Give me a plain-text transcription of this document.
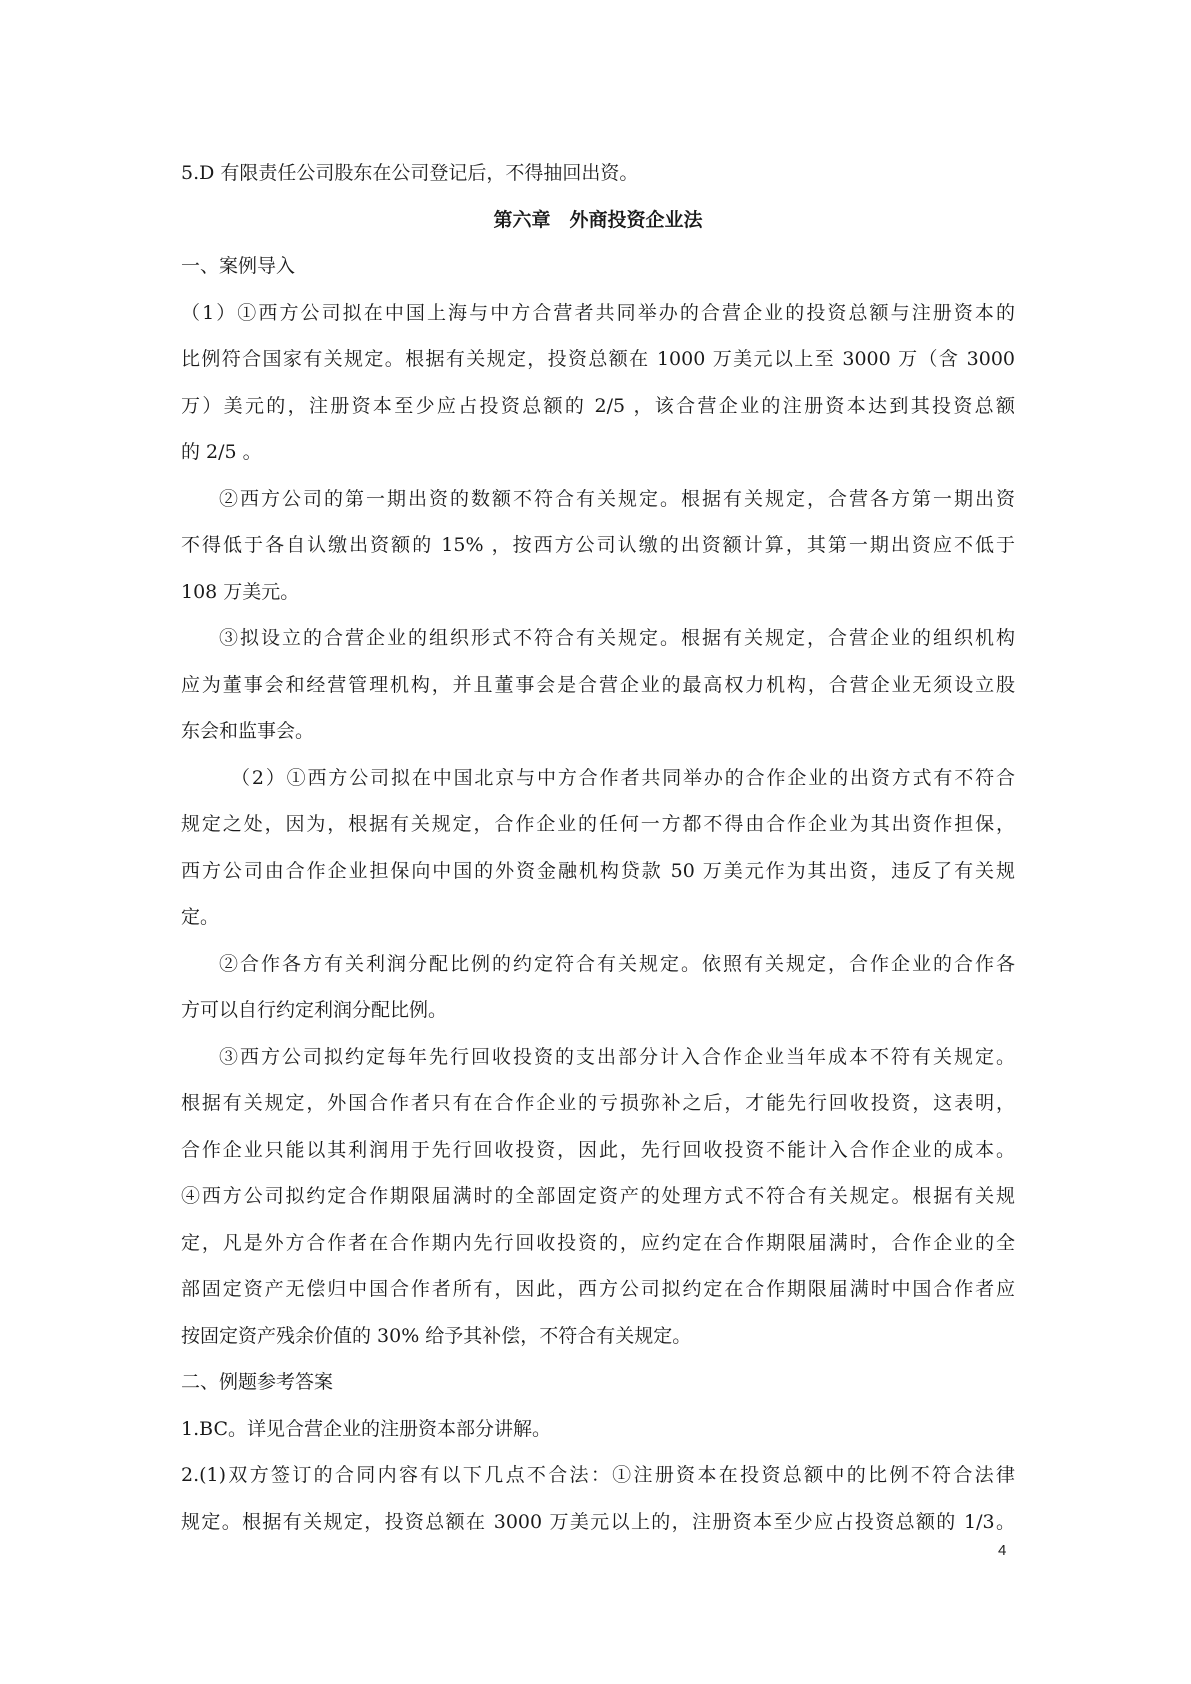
5.D 有限责任公司股东在公司登记后，不得抽回出资。

第六章　外商投资企业法

一、案例导入

（1）①西方公司拟在中国上海与中方合营者共同举办的合营企业的投资总额与注册资本的

比例符合国家有关规定。根据有关规定，投资总额在 1000 万美元以上至 3000 万（含 3000

万）美元的，注册资本至少应占投资总额的 2/5 ，该合营企业的注册资本达到其投资总额

的 2/5 。

②西方公司的第一期出资的数额不符合有关规定。根据有关规定，合营各方第一期出资

不得低于各自认缴出资额的 15% ，按西方公司认缴的出资额计算，其第一期出资应不低于

108 万美元。

③拟设立的合营企业的组织形式不符合有关规定。根据有关规定，合营企业的组织机构

应为董事会和经营管理机构，并且董事会是合营企业的最高权力机构，合营企业无须设立股

东会和监事会。

（2）①西方公司拟在中国北京与中方合作者共同举办的合作企业的出资方式有不符合

规定之处，因为，根据有关规定，合作企业的任何一方都不得由合作企业为其出资作担保，

西方公司由合作企业担保向中国的外资金融机构贷款 50 万美元作为其出资，违反了有关规

定。

②合作各方有关利润分配比例的约定符合有关规定。依照有关规定，合作企业的合作各

方可以自行约定利润分配比例。

③西方公司拟约定每年先行回收投资的支出部分计入合作企业当年成本不符有关规定。

根据有关规定，外国合作者只有在合作企业的亏损弥补之后，才能先行回收投资，这表明，

合作企业只能以其利润用于先行回收投资，因此，先行回收投资不能计入合作企业的成本。

④西方公司拟约定合作期限届满时的全部固定资产的处理方式不符合有关规定。根据有关规

定，凡是外方合作者在合作期内先行回收投资的，应约定在合作期限届满时，合作企业的全

部固定资产无偿归中国合作者所有，因此，西方公司拟约定在合作期限届满时中国合作者应

按固定资产残余价值的 30% 给予其补偿，不符合有关规定。

二、例题参考答案

1.BC。详见合营企业的注册资本部分讲解。

2.(1)双方签订的合同内容有以下几点不合法：①注册资本在投资总额中的比例不符合法律

规定。根据有关规定，投资总额在 3000 万美元以上的，注册资本至少应占投资总额的 1/3。

4
